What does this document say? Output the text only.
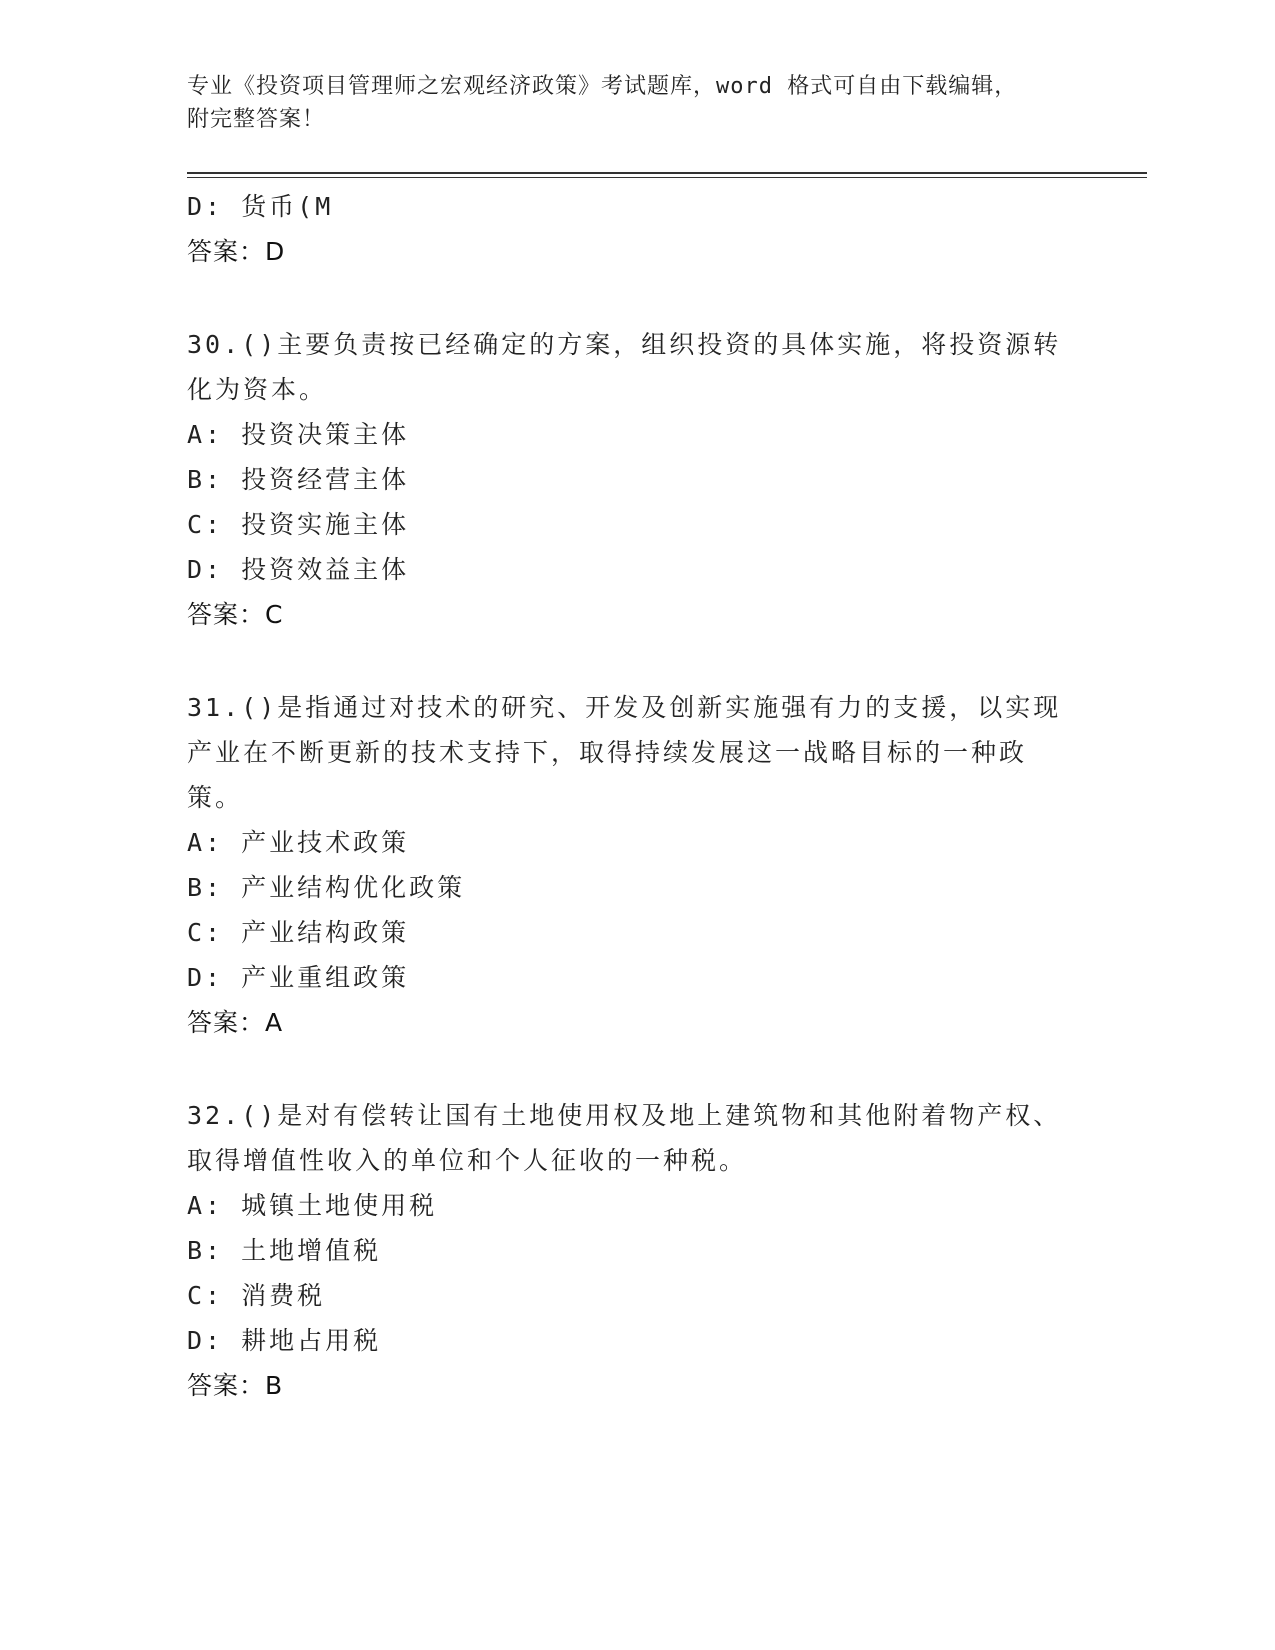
专业《投资项目管理师之宏观经济政策》考试题库，word 格式可自由下载编辑，
附完整答案！
D: 货币(M
答案：D
30.()主要负责按已经确定的方案，组织投资的具体实施，将投资源转化为资本。
A: 投资决策主体
B: 投资经营主体
C: 投资实施主体
D: 投资效益主体
答案：C
31.()是指通过对技术的研究、开发及创新实施强有力的支援，以实现产业在不断更新的技术支持下，取得持续发展这一战略目标的一种政策。
A: 产业技术政策
B: 产业结构优化政策
C: 产业结构政策
D: 产业重组政策
答案：A
32.()是对有偿转让国有土地使用权及地上建筑物和其他附着物产权、取得增值性收入的单位和个人征收的一种税。
A: 城镇土地使用税
B: 土地增值税
C: 消费税
D: 耕地占用税
答案：B
